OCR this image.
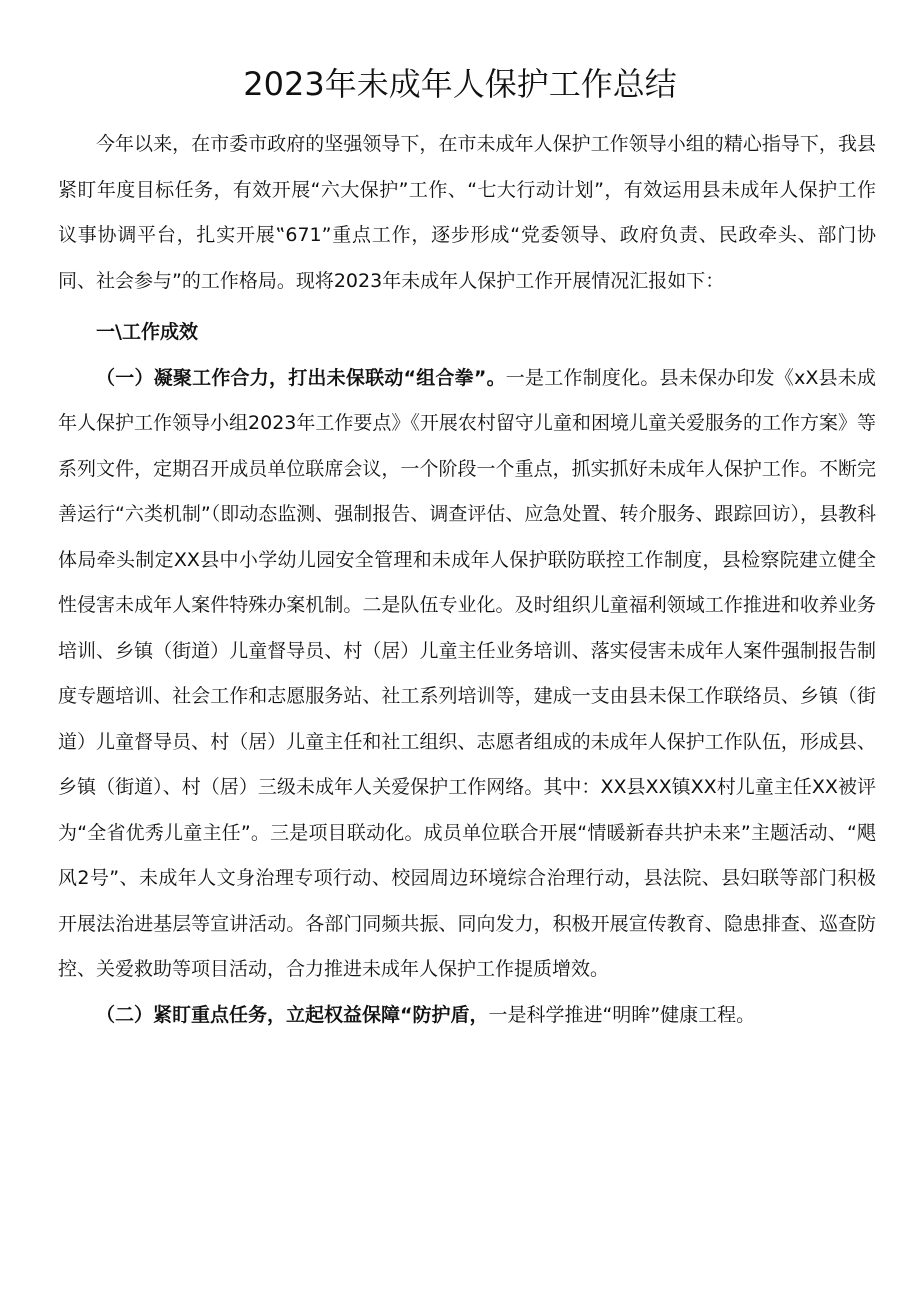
2023年未成年人保护工作总结

今年以来，在市委市政府的坚强领导下，在市未成年人保护工作领导小组的精心指导下，我县紧盯年度目标任务，有效开展“六大保护”工作、“七大行动计划”，有效运用县未成年人保护工作议事协调平台，扎实开展‟671”重点工作，逐步形成“党委领导、政府负责、民政牵头、部门协同、社会参与”的工作格局。现将2023年未成年人保护工作开展情况汇报如下：

一\工作成效

（一）凝聚工作合力，打出未保联动“组合拳”。一是工作制度化。县未保办印发《xX县未成年人保护工作领导小组2023年工作要点》《开展农村留守儿童和困境儿童关爱服务的工作方案》等系列文件，定期召开成员单位联席会议，一个阶段一个重点，抓实抓好未成年人保护工作。不断完善运行“六类机制”（即动态监测、强制报告、调查评估、应急处置、转介服务、跟踪回访），县教科体局牵头制定XX县中小学幼儿园安全管理和未成年人保护联防联控工作制度，县检察院建立健全性侵害未成年人案件特殊办案机制。二是队伍专业化。及时组织儿童福利领域工作推进和收养业务培训、乡镇（街道）儿童督导员、村（居）儿童主任业务培训、落实侵害未成年人案件强制报告制度专题培训、社会工作和志愿服务站、社工系列培训等，建成一支由县未保工作联络员、乡镇（街道）儿童督导员、村（居）儿童主任和社工组织、志愿者组成的未成年人保护工作队伍，形成县、乡镇（街道）、村（居）三级未成年人关爱保护工作网络。其中：XX县XX镇XX村儿童主任XX被评为“全省优秀儿童主任”。三是项目联动化。成员单位联合开展“情暖新春共护未来”主题活动、“飓风2号”、未成年人文身治理专项行动、校园周边环境综合治理行动，县法院、县妇联等部门积极开展法治进基层等宣讲活动。各部门同频共振、同向发力，积极开展宣传教育、隐患排查、巡查防控、关爱救助等项目活动，合力推进未成年人保护工作提质增效。

（二）紧盯重点任务，立起权益保障“防护盾，一是科学推进“明眸”健康工程。
